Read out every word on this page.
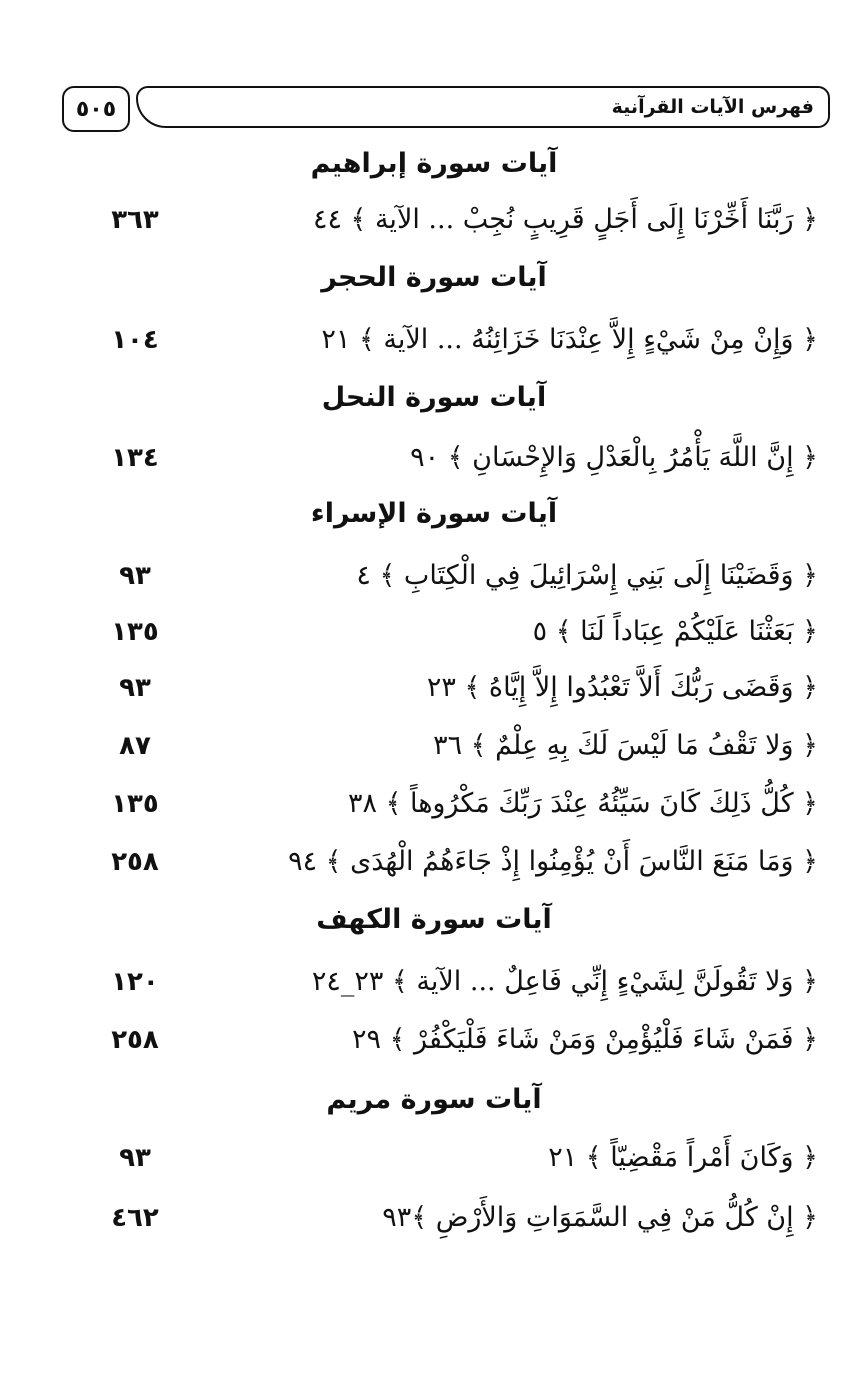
٥٠٥	فهرس الآيات القرآنية
آيات سورة إبراهيم
﴿ رَبَّنَا أَخِّرْنَا إِلَى أَجَلٍ قَرِيبٍ نُجِبْ ... الآية ﴾ ٤٤
٣٦٣
آيات سورة الحجر
﴿ وَإِنْ مِنْ شَيْءٍ إِلاَّ عِنْدَنَا خَزَائِنُهُ ... الآية ﴾ ٢١
١٠٤
آيات سورة النحل
﴿ إِنَّ اللَّهَ يَأْمُرُ بِالْعَدْلِ وَالإِحْسَانِ ﴾ ٩٠
١٣٤
آيات سورة الإسراء
﴿ وَقَضَيْنَا إِلَى بَنِي إِسْرَائِيلَ فِي الْكِتَابِ ﴾ ٤
٩٣
﴿ بَعَثْنَا عَلَيْكُمْ عِبَاداً لَنَا ﴾ ٥
١٣٥
﴿ وَقَضَى رَبُّكَ أَلاَّ تَعْبُدُوا إِلاَّ إِيَّاهُ ﴾ ٢٣
٩٣
﴿ وَلا تَقْفُ مَا لَيْسَ لَكَ بِهِ عِلْمٌ ﴾ ٣٦
٨٧
﴿ كُلُّ ذَلِكَ كَانَ سَيِّئُهُ عِنْدَ رَبِّكَ مَكْرُوهاً ﴾ ٣٨
١٣٥
﴿ وَمَا مَنَعَ النَّاسَ أَنْ يُؤْمِنُوا إِذْ جَاءَهُمُ الْهُدَى ﴾ ٩٤
٢٥٨
آيات سورة الكهف
﴿ وَلا تَقُولَنَّ لِشَيْءٍ إِنِّي فَاعِلٌ ... الآية ﴾ ٢٣_٢٤
١٢٠
﴿ فَمَنْ شَاءَ فَلْيُؤْمِنْ وَمَنْ شَاءَ فَلْيَكْفُرْ ﴾ ٢٩
٢٥٨
آيات سورة مريم
﴿ وَكَانَ أَمْراً مَقْضِيّاً ﴾ ٢١
٩٣
﴿ إِنْ كُلُّ مَنْ فِي السَّمَوَاتِ وَالأَرْضِ ﴾٩٣
٤٦٢
